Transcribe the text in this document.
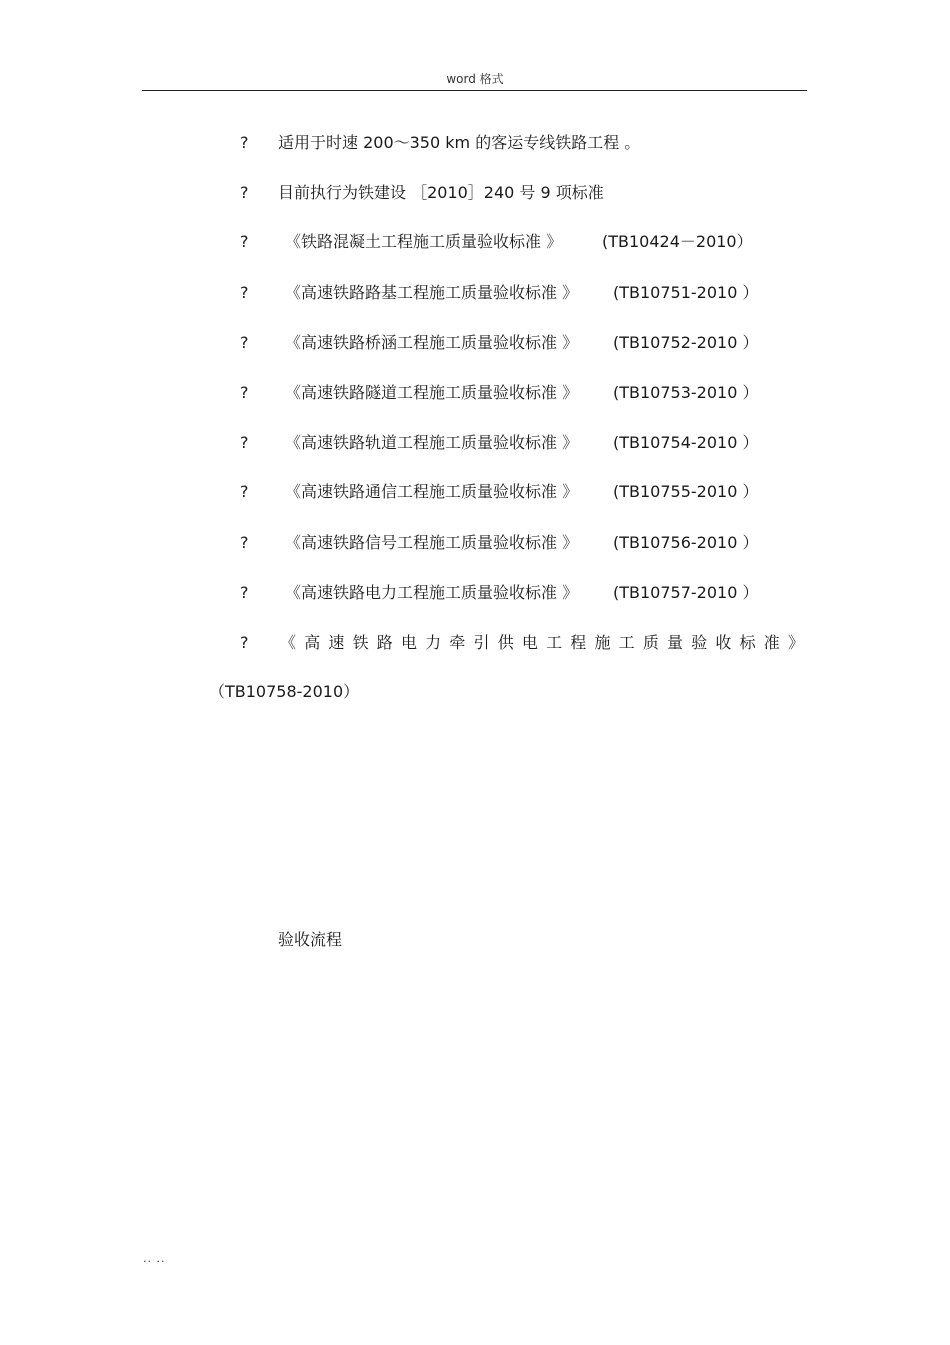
word 格式
? 适用于时速 200～350 km 的客运专线铁路工程 。
? 目前执行为铁建设 ［2010］240 号 9 项标准
? 《铁路混凝土工程施工质量验收标准 》 (TB10424－2010）
? 《高速铁路路基工程施工质量验收标准 》 (TB10751-2010 ）
? 《高速铁路桥涵工程施工质量验收标准 》 (TB10752-2010 ）
? 《高速铁路隧道工程施工质量验收标准 》 (TB10753-2010 ）
? 《高速铁路轨道工程施工质量验收标准 》 (TB10754-2010 ）
? 《高速铁路通信工程施工质量验收标准 》 (TB10755-2010 ）
? 《高速铁路信号工程施工质量验收标准 》 (TB10756-2010 ）
? 《高速铁路电力工程施工质量验收标准 》 (TB10757-2010 ）
? 《高速铁路电力牵引供电工程施工质量验收标准》
（TB10758-2010）
验收流程
.. ..
